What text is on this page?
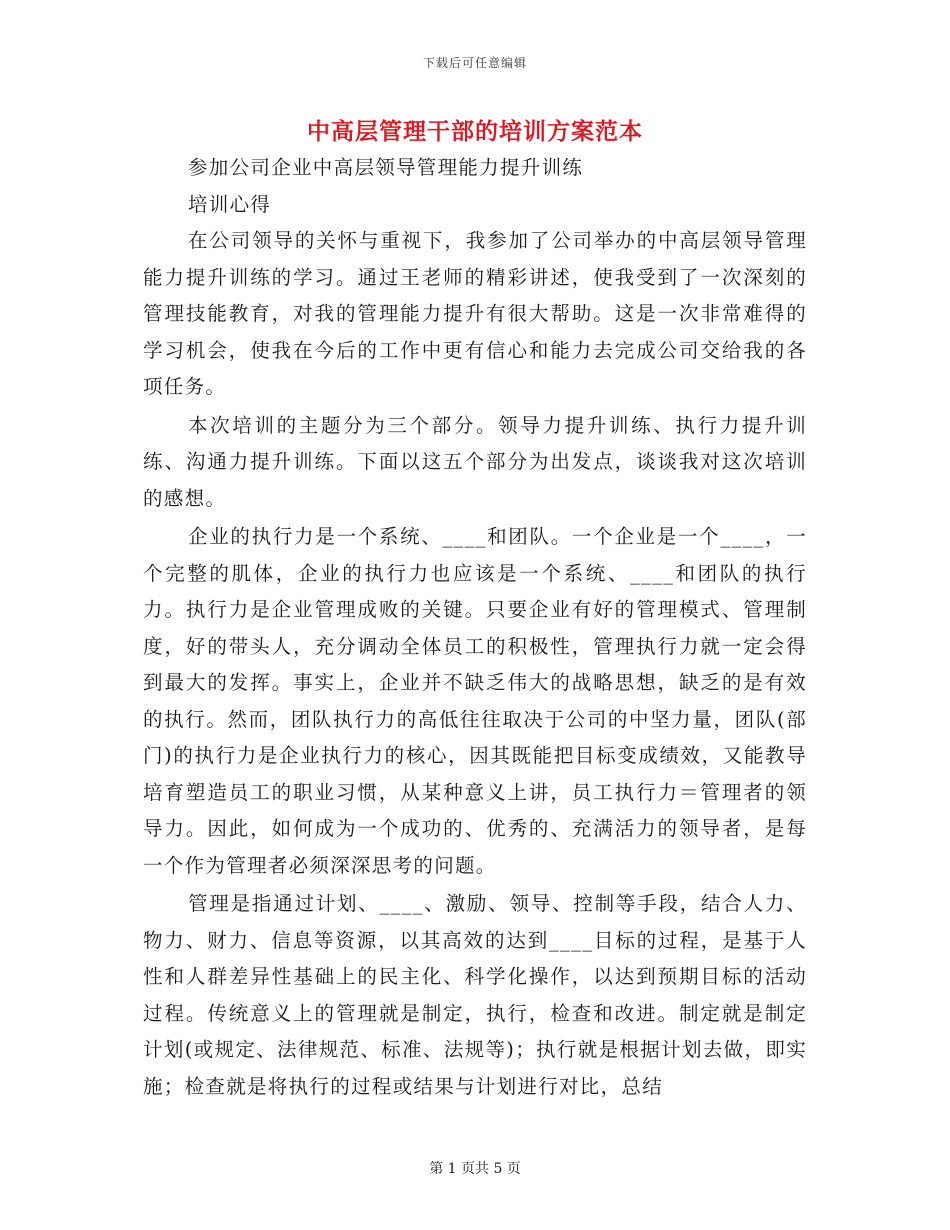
下载后可任意编辑
中高层管理干部的培训方案范本

参加公司企业中高层领导管理能力提升训练

培训心得

在公司领导的关怀与重视下，我参加了公司举办的中高层领导管理能力提升训练的学习。通过王老师的精彩讲述，使我受到了一次深刻的管理技能教育，对我的管理能力提升有很大帮助。这是一次非常难得的学习机会，使我在今后的工作中更有信心和能力去完成公司交给我的各项任务。

本次培训的主题分为三个部分。领导力提升训练、执行力提升训练、沟通力提升训练。下面以这五个部分为出发点，谈谈我对这次培训的感想。

企业的执行力是一个系统、____和团队。一个企业是一个____，一个完整的肌体，企业的执行力也应该是一个系统、____和团队的执行力。执行力是企业管理成败的关键。只要企业有好的管理模式、管理制度，好的带头人，充分调动全体员工的积极性，管理执行力就一定会得到最大的发挥。事实上，企业并不缺乏伟大的战略思想，缺乏的是有效的执行。然而，团队执行力的高低往往取决于公司的中坚力量，团队(部门)的执行力是企业执行力的核心，因其既能把目标变成绩效，又能教导培育塑造员工的职业习惯，从某种意义上讲，员工执行力＝管理者的领导力。因此，如何成为一个成功的、优秀的、充满活力的领导者，是每一个作为管理者必须深深思考的问题。

管理是指通过计划、____、激励、领导、控制等手段，结合人力、物力、财力、信息等资源，以其高效的达到____目标的过程，是基于人性和人群差异性基础上的民主化、科学化操作，以达到预期目标的活动过程。传统意义上的管理就是制定，执行，检查和改进。制定就是制定计划(或规定、法律规范、标准、法规等)；执行就是根据计划去做，即实施；检查就是将执行的过程或结果与计划进行对比，总结

第 1 页共 5 页
